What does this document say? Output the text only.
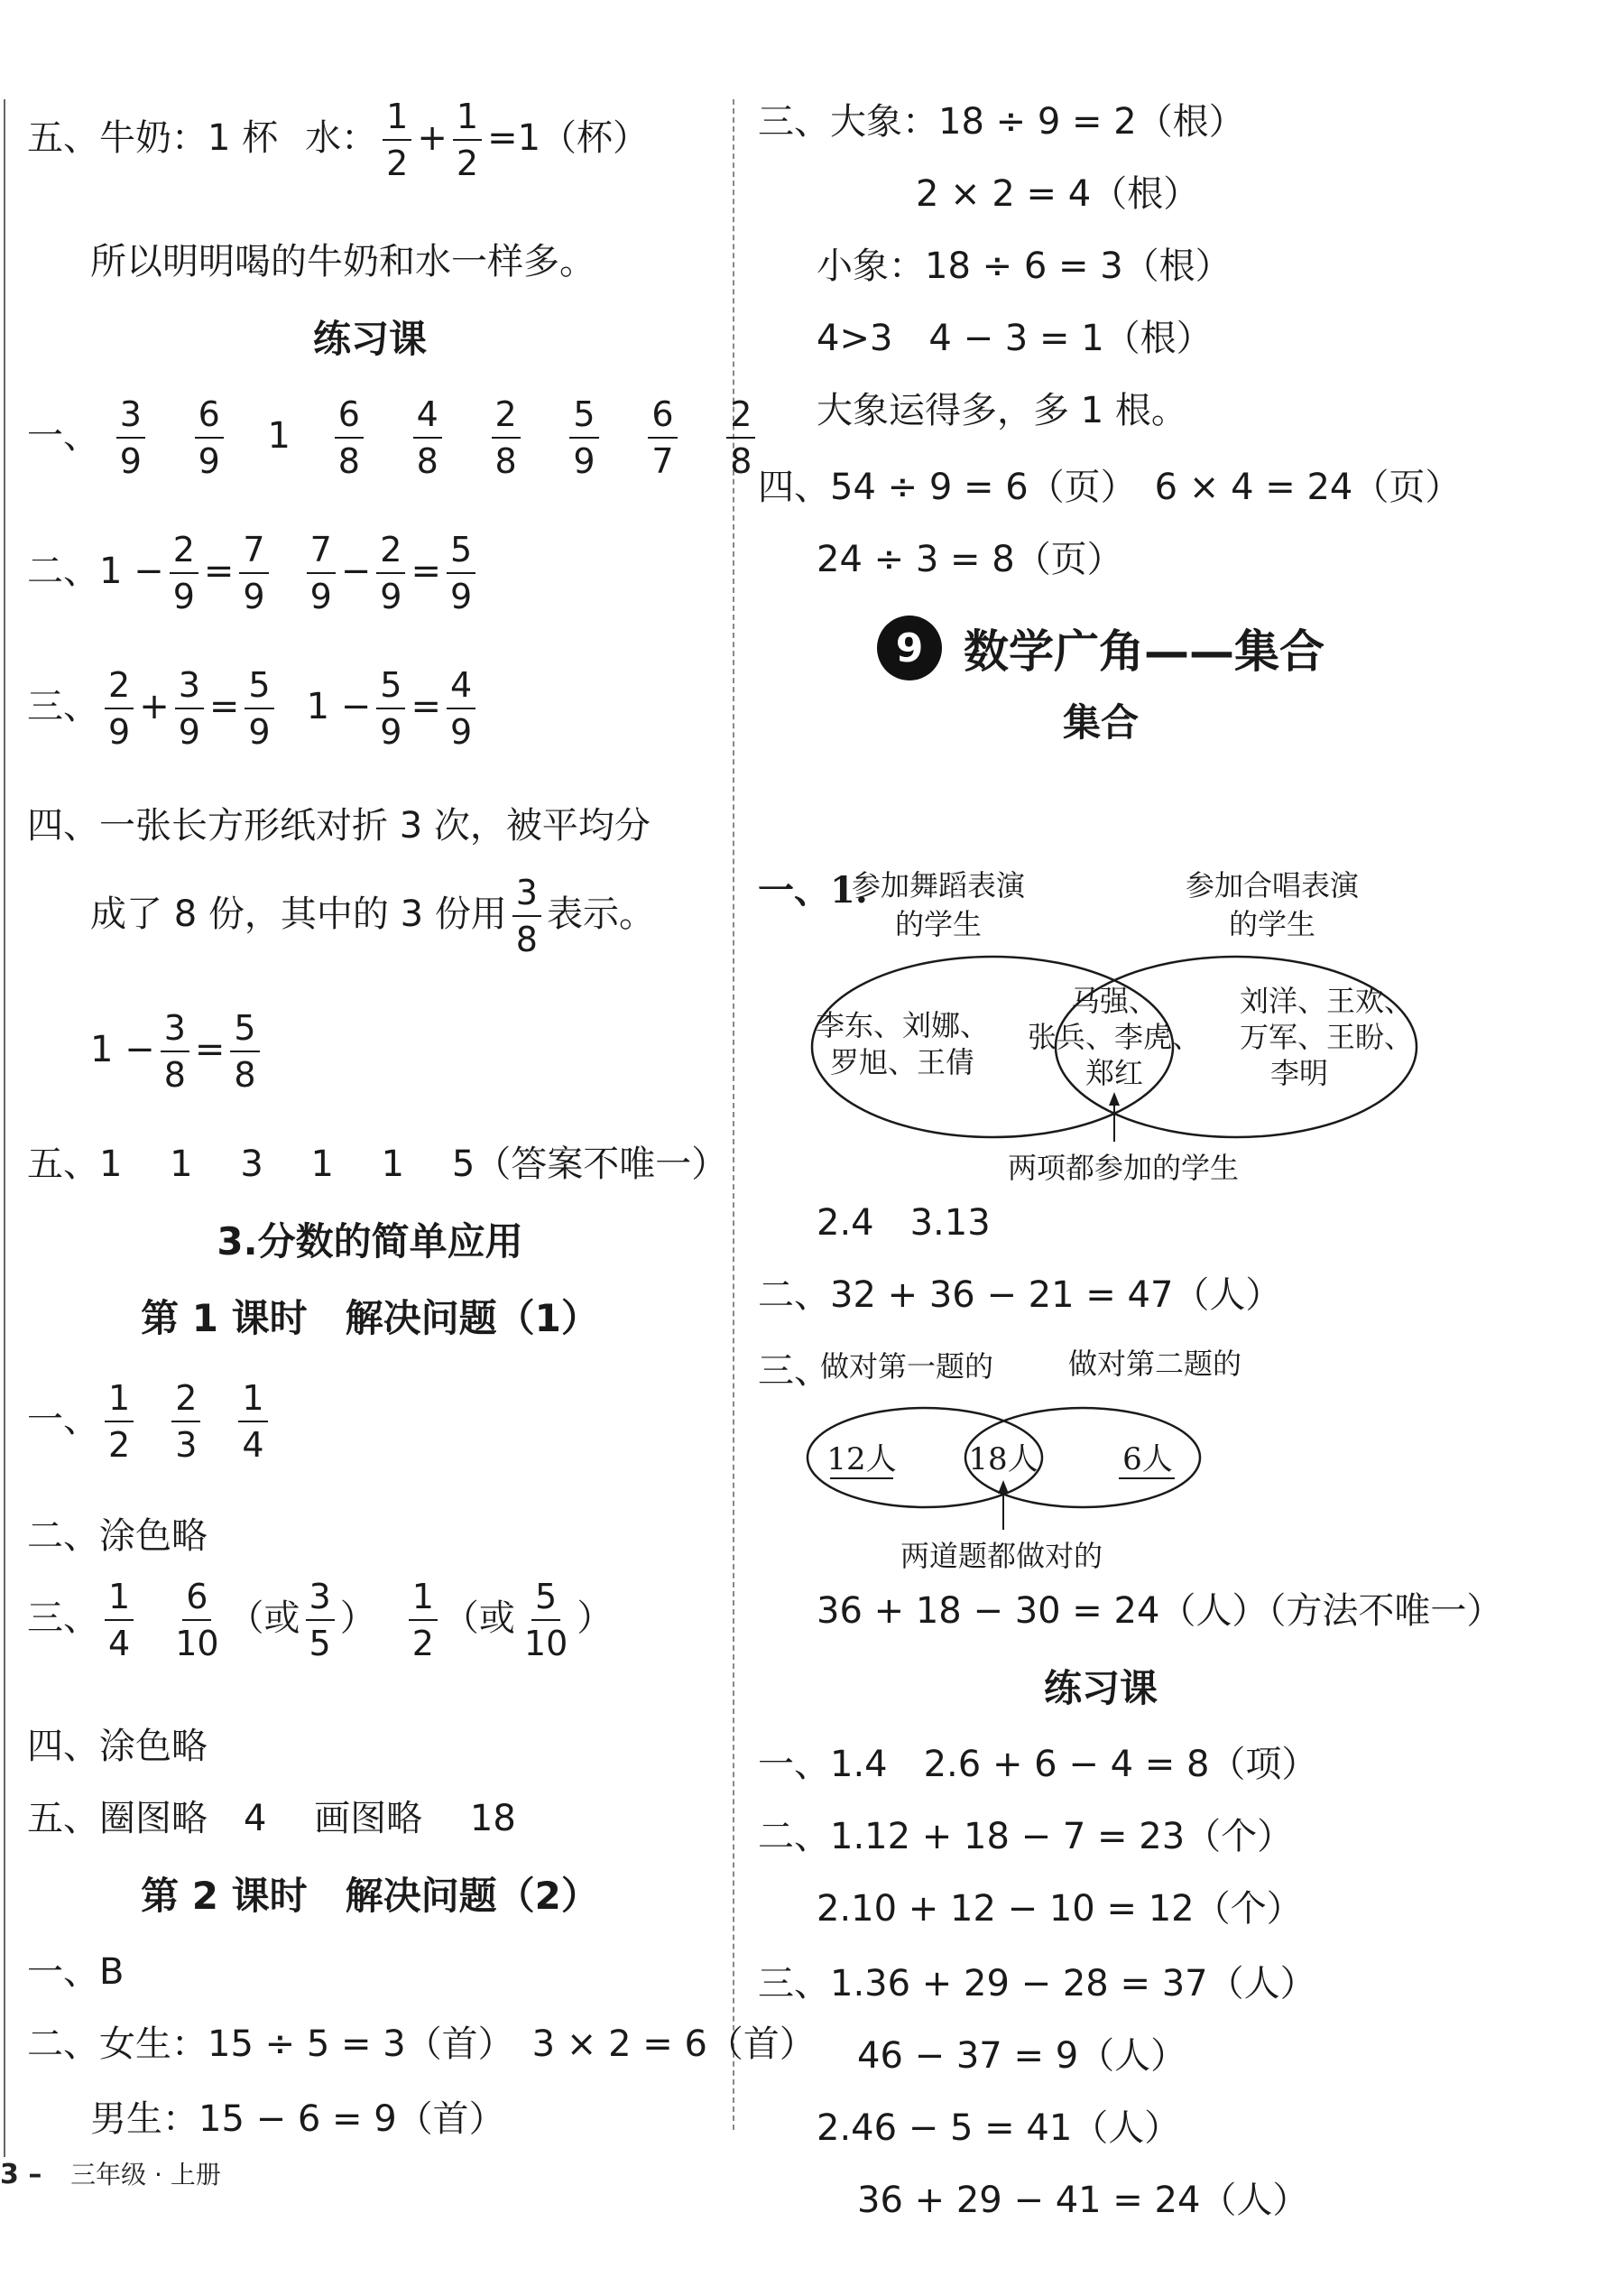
五、牛奶：1 杯 水： $\frac{1}{2} + \frac{1}{2} =1$（杯）
所以明明喝的牛奶和水一样多。
练习课
一、 $\frac{3}{9}$
$\frac{6}{9} 1 \frac{6}{8}$
$\frac{4}{8}$
$\frac{2}{8}$
$\frac{5}{9}$
$\frac{6}{7}$
$\frac{2}{8}$
二、$1 - \frac{2}{9} = \frac{7}{9} \frac{7}{9} - \frac{2}{9} = \frac{5}{9}$
三、 $\frac{2}{9} + \frac{3}{9} = \frac{5}{9} 1 - \frac{5}{9} = \frac{4}{9}$
四、一张长方形纸对折 3 次，被平均分
成了 8 份，其中的 3 份用 $\frac{3}{8}$ 表示。
$1 - \frac{3}{8} = \frac{5}{8}$
五、1　 1　 3　 1　 1　 5（答案不唯一）
3.分数的简单应用
第 1 课时　解决问题（1）
一、 $\frac{1}{2} \frac{2}{3} \frac{1}{4}$
二、涂色略
三、 $\frac{1}{4} \frac{6}{10}$ （或 $\frac{3}{5}$ ） $\frac{1}{2}$ （或 $\frac{5}{10}$ ）
四、涂色略
五、圈图略　4　 画图略　 18
第 2 课时　解决问题（2）
一、B
二、女生：15 ÷ 5 = 3（首）　3 × 2 = 6（首）
男生：15 − 6 = 9（首）
三、大象：18 ÷ 9 = 2（根）
2 × 2 = 4（根）
小象：18 ÷ 6 = 3（根）
4>3　4 − 3 = 1（根）
大象运得多，多 1 根。
四、54 ÷ 9 = 6（页）　6 × 4 = 24（页）
24 ÷ 3 = 8（页）
9 数学广角——集合
集合
一、1.
参加舞蹈表演
的学生
参加合唱表演
的学生
李东、刘娜、
罗旭、王倩
马强、
张兵、李虎、
郑红
刘洋、王欢、
万军、王盼、
李明
两项都参加的学生
2.4　3.13
二、32 + 36 − 21 = 47（人）
三、
做对第一题的	做对第二题的
12人 18人	6人
两道题都做对的
36 + 18 − 30 = 24（人）（方法不唯一）
练习课
一、1.4　2.6 + 6 − 4 = 8（项）
二、1.12 + 18 − 7 = 23（个）
2.10 + 12 − 10 = 12（个）
三、1.36 + 29 − 28 = 37（人）
46 − 37 = 9（人）
2.46 − 5 = 41（人）
36 + 29 − 41 = 24（人）
3 – 三年级 · 上册
